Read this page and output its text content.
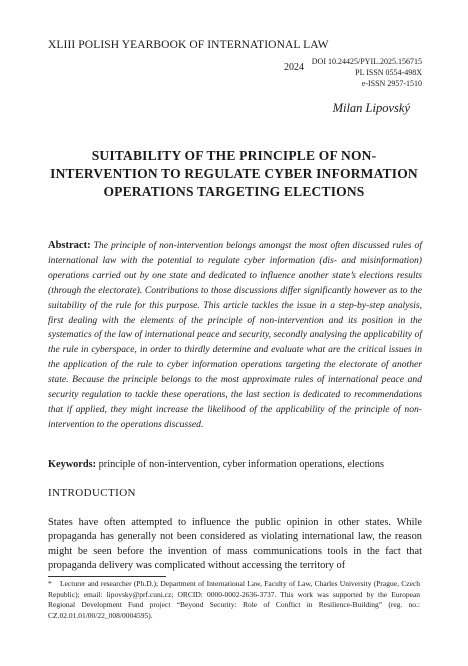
XLIII POLISH YEARBOOK OF INTERNATIONAL LAW
2024
DOI 10.24425/PYIL.2025.156715
PL ISSN 0554-498X
e-ISSN 2957-1510
Milan Lipovský
SUITABILITY OF THE PRINCIPLE OF NON-INTERVENTION TO REGULATE CYBER INFORMATION OPERATIONS TARGETING ELECTIONS
Abstract: The principle of non-intervention belongs amongst the most often discussed rules of international law with the potential to regulate cyber information (dis- and misinformation) operations carried out by one state and dedicated to influence another state’s elections results (through the electorate). Contributions to those discussions differ significantly however as to the suitability of the rule for this purpose. This article tackles the issue in a step-by-step analysis, first dealing with the elements of the principle of non-intervention and its position in the systematics of the law of international peace and security, secondly analysing the applicability of the rule in cyberspace, in order to thirdly determine and evaluate what are the critical issues in the application of the rule to cyber information operations targeting the electorate of another state. Because the principle belongs to the most approximate rules of international peace and security regulation to tackle these operations, the last section is dedicated to recommendations that if applied, they might increase the likelihood of the applicability of the principle of non-intervention to the operations discussed.
Keywords: principle of non-intervention, cyber information operations, elections
INTRODUCTION
States have often attempted to influence the public opinion in other states. While propaganda has generally not been considered as violating international law, the reason might be seen before the invention of mass communications tools in the fact that propaganda delivery was complicated without accessing the territory of
* Lecturer and researcher (Ph.D.); Department of International Law, Faculty of Law, Charles University (Prague, Czech Republic); email: lipovsky@prf.cuni.cz; ORCID: 0000-0002-2636-3737. This work was supported by the European Regional Development Fund project “Beyond Security: Role of Conflict in Resilience-Building” (reg. no.: CZ.02.01.01/00/22_008/0004595).
